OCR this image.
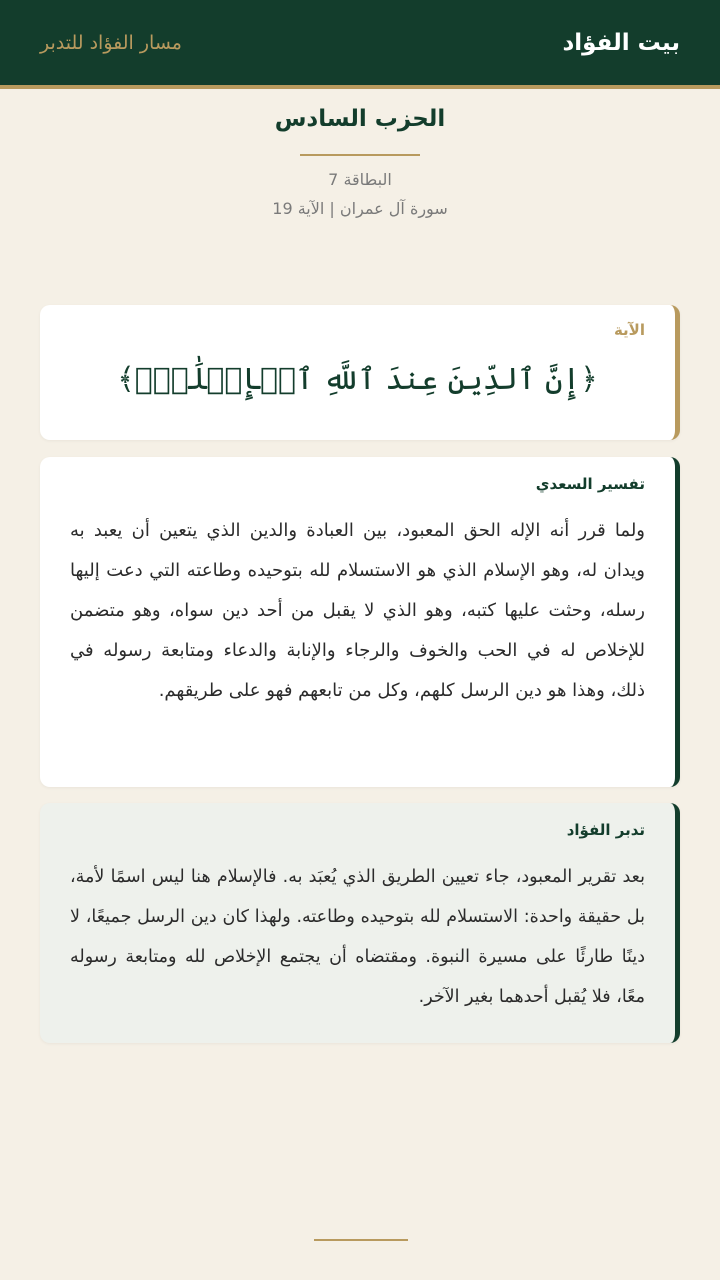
بيت الفؤاد
مسار الفؤاد للتدبر
الحزب السادس
البطاقة 7
سورة آل عمران | الآية 19
الآية
﴿إِنَّ ٱلدِّينَ عِندَ ٱللَّهِ ٱلۡإِسۡلَٰمُۗ﴾
تفسير السعدي
ولما قرر أنه الإله الحق المعبود، بين العبادة والدين الذي يتعين أن يعبد به ويدان له، وهو الإسلام الذي هو الاستسلام لله بتوحيده وطاعته التي دعت إليها رسله، وحثت عليها كتبه، وهو الذي لا يقبل من أحد دين سواه، وهو متضمن للإخلاص له في الحب والخوف والرجاء والإنابة والدعاء ومتابعة رسوله في ذلك، وهذا هو دين الرسل كلهم، وكل من تابعهم فهو على طريقهم.
تدبر الفؤاد
بعد تقرير المعبود، جاء تعيين الطريق الذي يُعبَد به. فالإسلام هنا ليس اسمًا لأمة، بل حقيقة واحدة: الاستسلام لله بتوحيده وطاعته. ولهذا كان دين الرسل جميعًا، لا دينًا طارئًا على مسيرة النبوة. ومقتضاه أن يجتمع الإخلاص لله ومتابعة رسوله معًا، فلا يُقبل أحدهما بغير الآخر.
